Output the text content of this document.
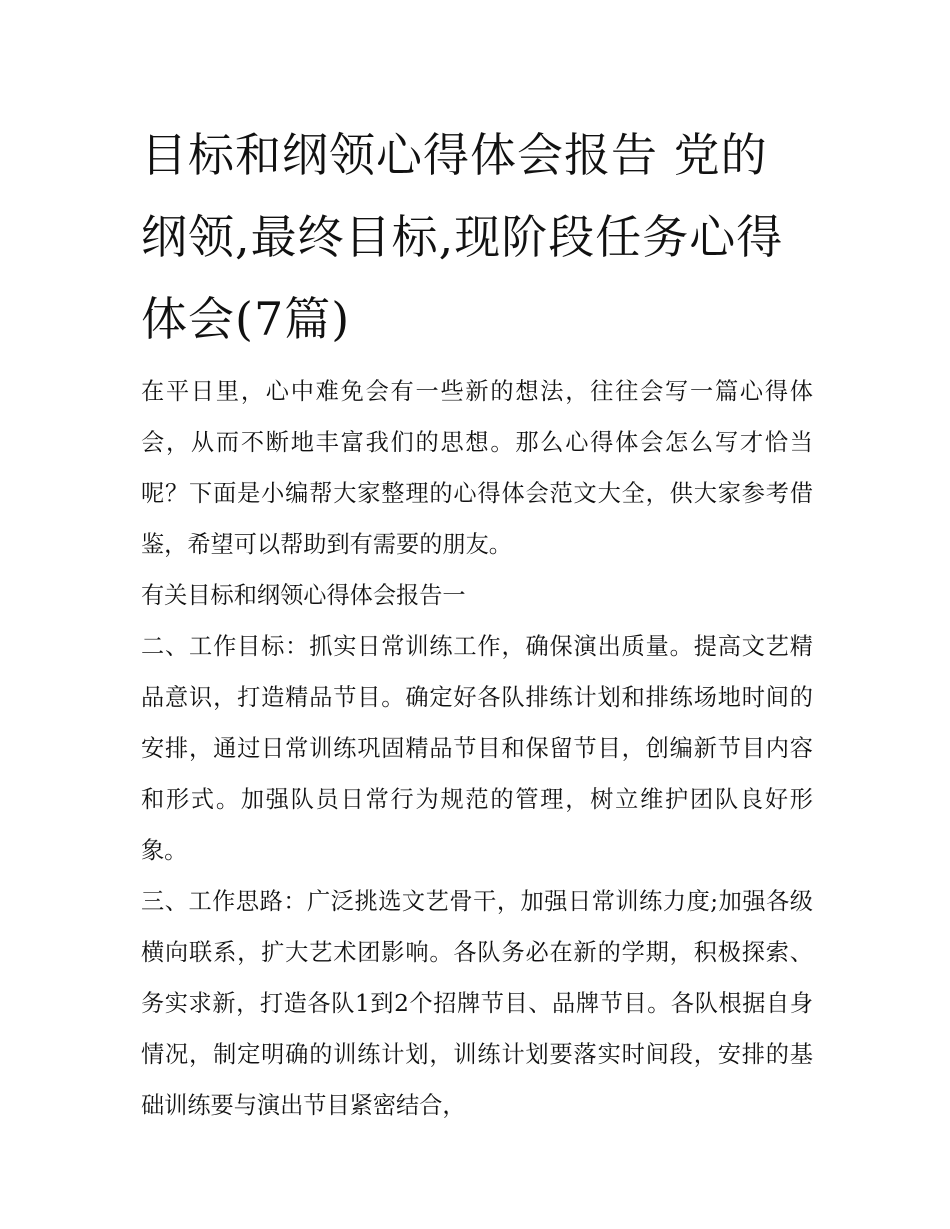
目标和纲领心得体会报告 党的纲领,最终目标,现阶段任务心得体会(7篇)

在平日里，心中难免会有一些新的想法，往往会写一篇心得体会，从而不断地丰富我们的思想。那么心得体会怎么写才恰当呢？下面是小编帮大家整理的心得体会范文大全，供大家参考借鉴，希望可以帮助到有需要的朋友。

有关目标和纲领心得体会报告一

二、工作目标：抓实日常训练工作，确保演出质量。提高文艺精品意识，打造精品节目。确定好各队排练计划和排练场地时间的安排，通过日常训练巩固精品节目和保留节目，创编新节目内容和形式。加强队员日常行为规范的管理，树立维护团队良好形象。

三、工作思路：广泛挑选文艺骨干，加强日常训练力度;加强各级横向联系，扩大艺术团影响。各队务必在新的学期，积极探索、务实求新，打造各队1到2个招牌节目、品牌节目。各队根据自身情况，制定明确的训练计划，训练计划要落实时间段，安排的基础训练要与演出节目紧密结合，
